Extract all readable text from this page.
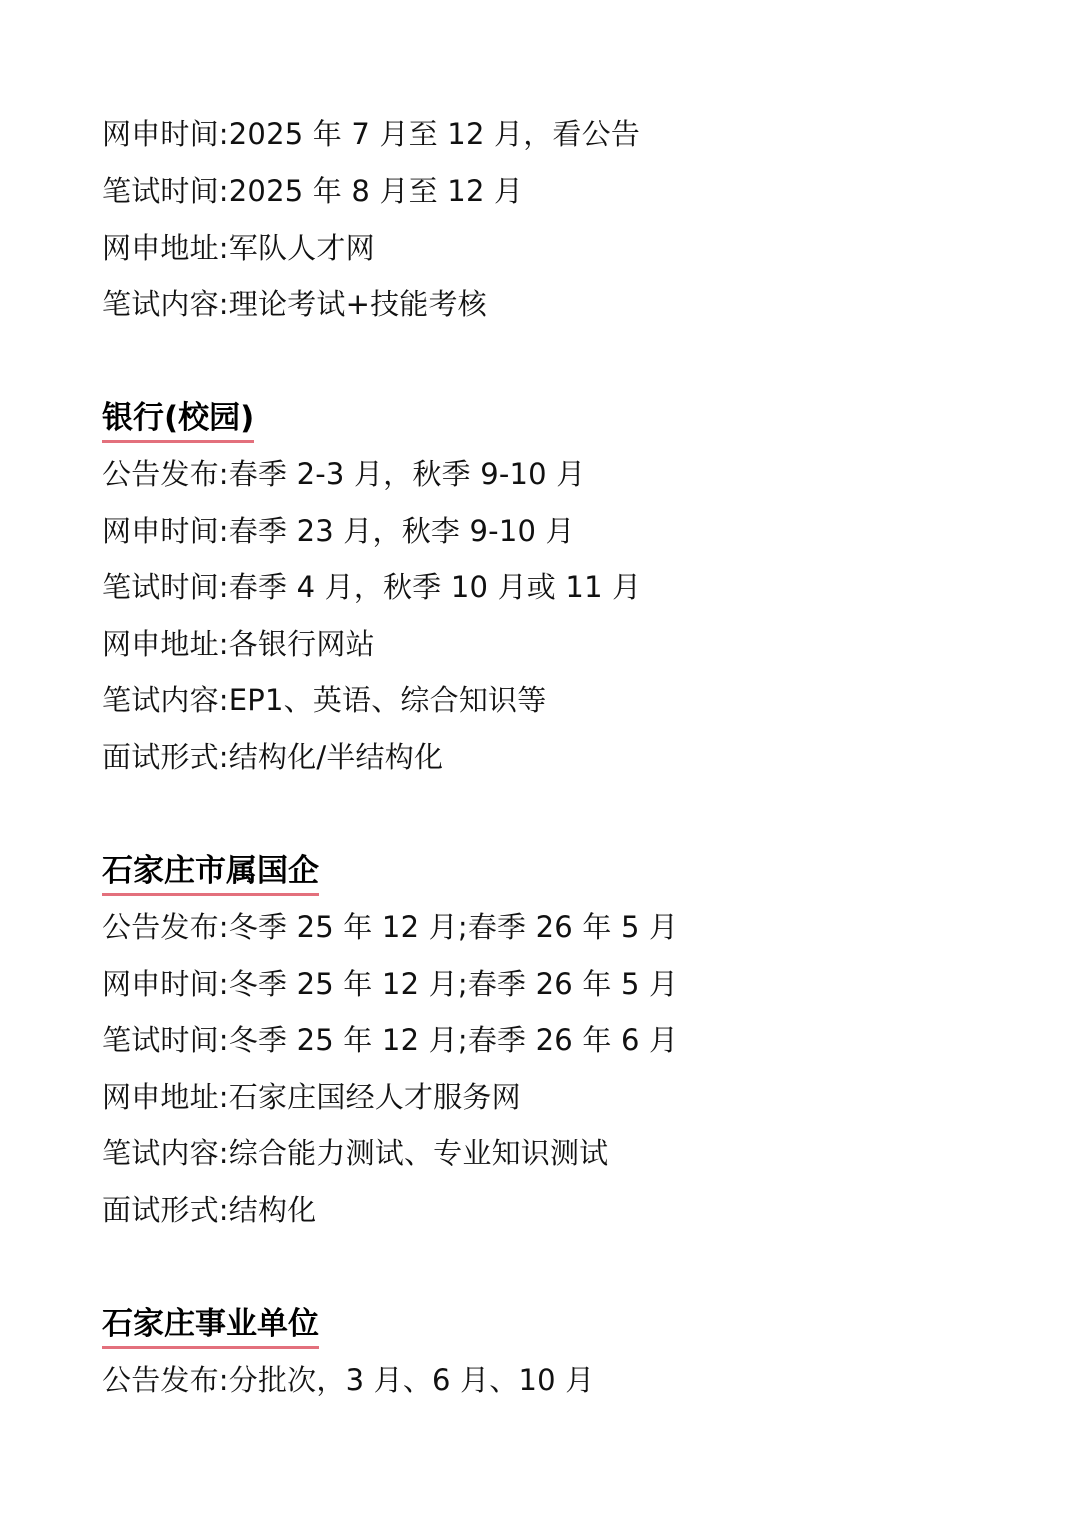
网申时间:2025 年 7 月至 12 月，看公告
笔试时间:2025 年 8 月至 12 月
网申地址:军队人才网
笔试内容:理论考试+技能考核
银行(校园)
公告发布:春季 2-3 月，秋季 9-10 月
网申时间:春季 23 月，秋李 9-10 月
笔试时间:春季 4 月，秋季 10 月或 11 月
网申地址:各银行网站
笔试内容:EP1、英语、综合知识等
面试形式:结构化/半结构化
石家庄市属国企
公告发布:冬季 25 年 12 月;春季 26 年 5 月
网申时间:冬季 25 年 12 月;春季 26 年 5 月
笔试时间:冬季 25 年 12 月;春季 26 年 6 月
网申地址:石家庄国经人才服务网
笔试内容:综合能力测试、专业知识测试
面试形式:结构化
石家庄事业单位
公告发布:分批次，3 月、6 月、10 月
